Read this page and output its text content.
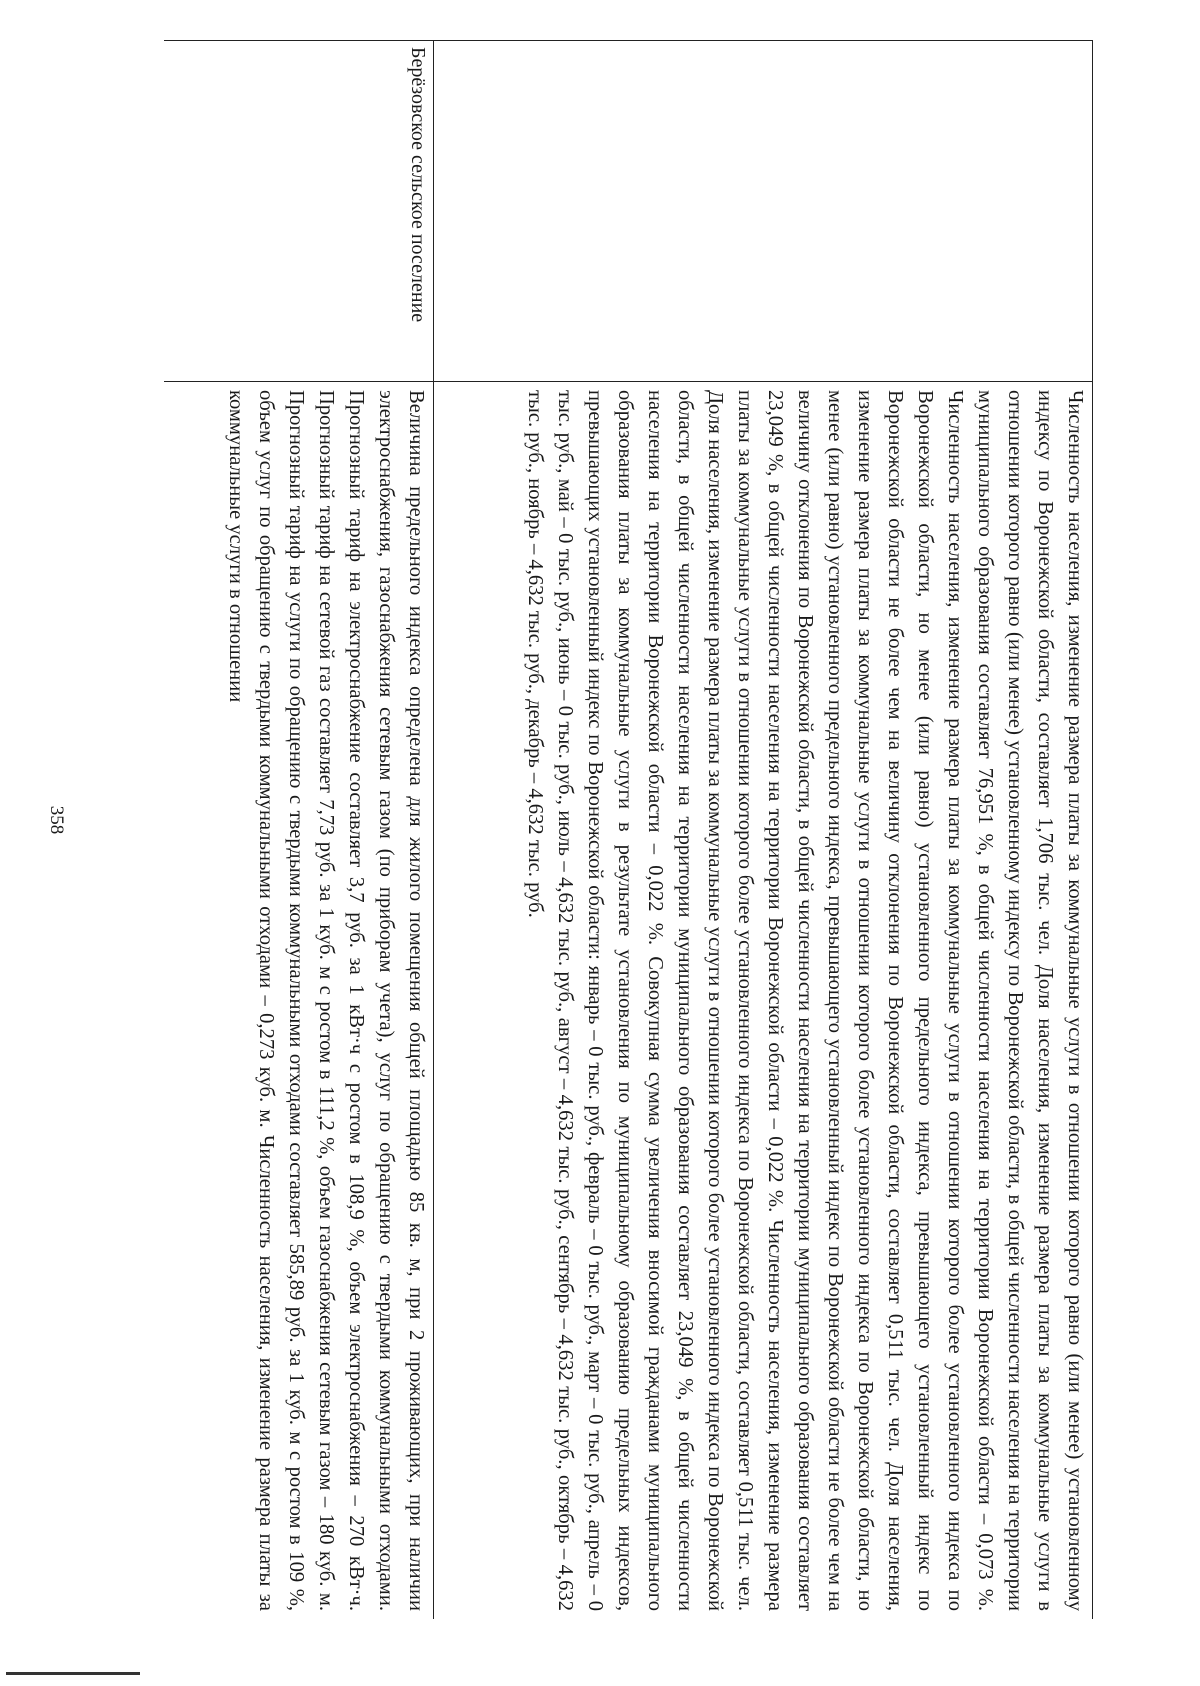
358	Численность населения, изменение размера платы за коммунальные услуги в отношении которого равно (или менее) установленному индексу по Воронежской области, составляет 1,706 тыс. чел. Доля населения, изменение размера платы за коммунальные услуги в отношении которого равно (или менее) установленному индексу по Воронежской области, в общей численности населения на территории муниципального образования составляет 76,951 %, в общей численности населения на территории Воронежской области – 0,073 %. Численность населения, изменение размера платы за коммунальные услуги в отношении которого более установленного индекса по Воронежской области, но менее (или равно) установленного предельного индекса, превышающего установленный индекс по Воронежской области не более чем на величину отклонения по Воронежской области, составляет 0,511 тыс. чел. Доля населения, изменение размера платы за коммунальные услуги в отношении которого более установленного индекса по Воронежской области, но менее (или равно) установленного предельного индекса, превышающего установленный индекс по Воронежской области не более чем на величину отклонения по Воронежской области, в общей численности населения на территории муниципального образования составляет 23,049 %, в общей численности населения на территории Воронежской области – 0,022 %. Численность населения, изменение размера платы за коммунальные услуги в отношении которого более установленного индекса по Воронежской области, составляет 0,511 тыс. чел. Доля населения, изменение размера платы за коммунальные услуги в отношении которого более установленного индекса по Воронежской области, в общей численности населения на территории муниципального образования составляет 23,049 %, в общей численности населения на территории Воронежской области – 0,022 %. Совокупная сумма увеличения вносимой гражданами муниципального образования платы за коммунальные услуги в результате установления по муниципальному образованию предельных индексов, превышающих установленный индекс по Воронежской области: январь – 0 тыс. руб., февраль – 0 тыс. руб., март – 0 тыс. руб., апрель – 0 тыс. руб., май – 0 тыс. руб., июнь – 0 тыс. руб., июль – 4,632 тыс. руб., август – 4,632 тыс. руб., сентябрь – 4,632 тыс. руб., октябрь – 4,632 тыс. руб., ноябрь – 4,632 тыс. руб., декабрь – 4,632 тыс. руб.
Берёзовское сельское поселение
Величина предельного индекса определена для жилого помещения общей площадью 85 кв. м, при 2 проживающих, при наличии электроснабжения, газоснабжения сетевым газом (по приборам учета), услуг по обращению с твердыми коммунальными отходами. Прогнозный тариф на электроснабжение составляет 3,7 руб. за 1 кВт·ч с ростом в 108,9 %, объем электроснабжения – 270 кВт·ч. Прогнозный тариф на сетевой газ составляет 7,73 руб. за 1 куб. м с ростом в 111,2 %, объем газоснабжения сетевым газом – 180 куб. м. Прогнозный тариф на услуги по обращению с твердыми коммунальными отходами составляет 585,89 руб. за 1 куб. м с ростом в 109 %, объем услуг по обращению с твердыми коммунальными отходами – 0,273 куб. м. Численность населения, изменение размера платы за коммунальные услуги в отношении
